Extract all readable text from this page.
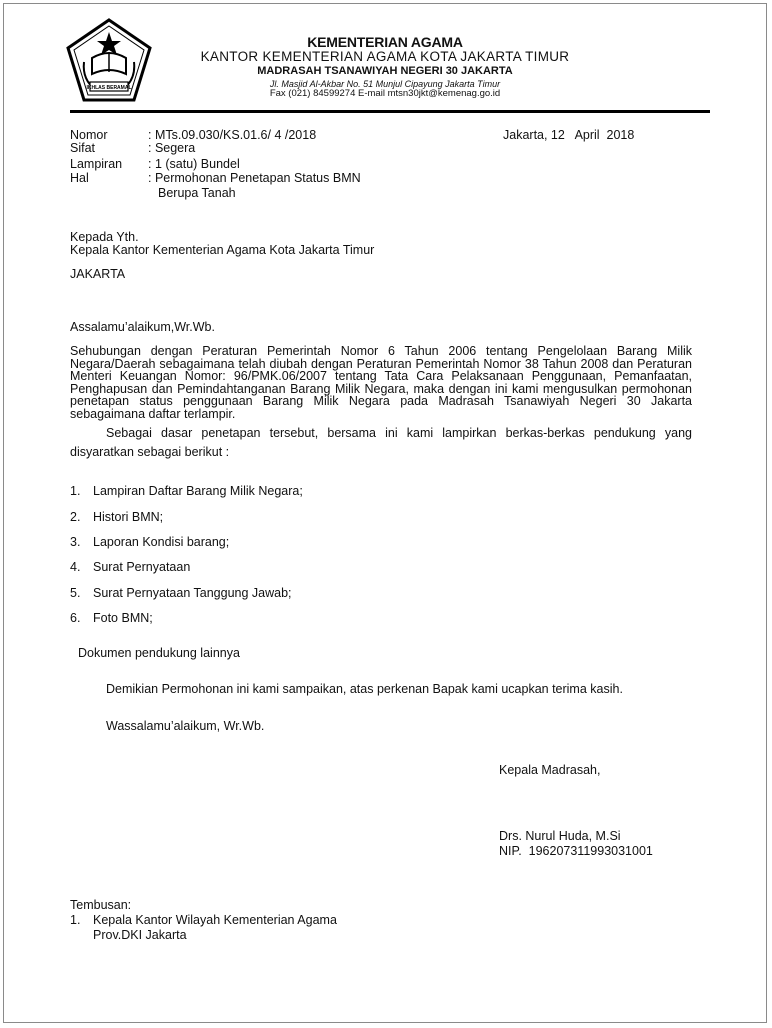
IKHLAS BERAMAL
KEMENTERIAN AGAMA
KANTOR KEMENTERIAN AGAMA KOTA JAKARTA TIMUR
MADRASAH TSANAWIYAH NEGERI 30 JAKARTA
Jl. Masjid Al-Akbar No. 51 Munjul Cipayung Jakarta Timur
Fax (021) 84599274 E-mail mtsn30jkt@kemenag.go.id
Jakarta, 12   April  2018
Nomor	: MTs.09.030/KS.01.6/ 4 /2018
Sifat	: Segera
Lampiran : 1 (satu) Bundel
Hal	: Permohonan Penetapan Status BMN
Berupa Tanah
Kepada Yth.
Kepala Kantor Kementerian Agama Kota Jakarta Timur
JAKARTA
Assalamu’alaikum,Wr.Wb.
Sehubungan dengan Peraturan Pemerintah Nomor 6 Tahun 2006 tentang Pengelolaan Barang Milik Negara/Daerah sebagaimana telah diubah dengan Peraturan Pemerintah Nomor 38 Tahun 2008 dan Peraturan Menteri Keuangan Nomor: 96/PMK.06/2007 tentang Tata Cara Pelaksanaan Penggunaan, Pemanfaatan, Penghapusan dan Pemindahtanganan Barang Milik Negara, maka dengan ini kami mengusulkan permohonan penetapan status penggunaan Barang Milik Negara pada Madrasah Tsanawiyah Negeri 30 Jakarta sebagaimana daftar terlampir.
Sebagai dasar penetapan tersebut, bersama ini kami lampirkan berkas-berkas pendukung yang disyaratkan sebagai berikut :
1. Lampiran Daftar Barang Milik Negara;
2. Histori BMN;
3. Laporan Kondisi barang;
4. Surat Pernyataan
5. Surat Pernyataan Tanggung Jawab;
6. Foto BMN;
Dokumen pendukung lainnya
Demikian Permohonan ini kami sampaikan, atas perkenan Bapak kami ucapkan terima kasih.
Wassalamu’alaikum, Wr.Wb.
Kepala Madrasah,
Drs. Nurul Huda, M.Si
NIP.  196207311993031001
Tembusan:
1. Kepala Kantor Wilayah Kementerian Agama
Prov.DKI Jakarta
